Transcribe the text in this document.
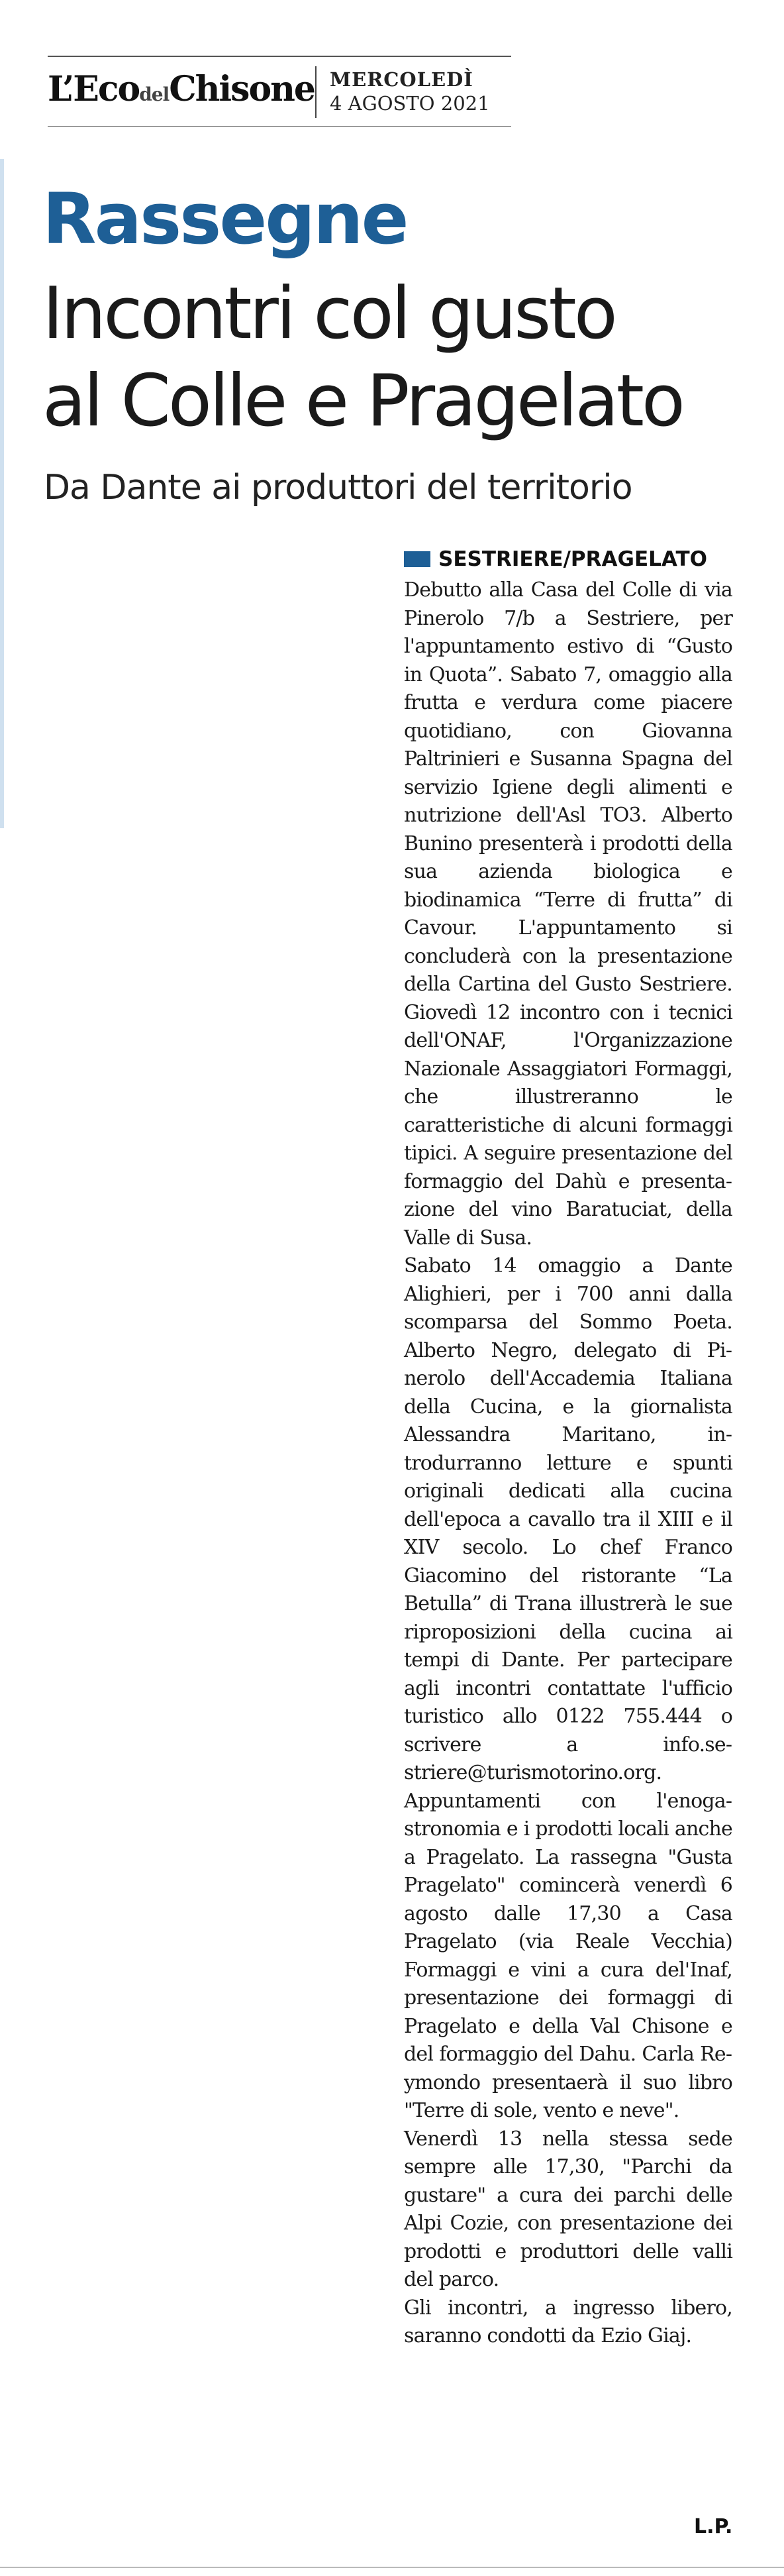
L’EcodelChisone MERCOLEDÌ
4 AGOSTO 2021
Rassegne
Incontri col gusto
al Colle e Pragelato
Da Dante ai produttori del territorio
SESTRIERE/PRAGELATO

Debutto alla Casa del Colle di via Pinerolo 7/b a Sestriere, per l'appuntamento estivo di “Gusto in Quota”. Sabato 7, omaggio alla frutta e verdura come piacere quotidiano, con Giovanna Paltrinieri e Susanna Spagna del servizio Igiene degli alimenti e nutrizione dell'Asl TO3. Alberto Bunino presenterà i prodotti della sua azienda biologica e biodinamica “Terre di frutta” di Cavour. L'appuntamento si concluderà con la presentazione della Cartina del Gusto Sestriere. Giovedì 12 incontro con i tecnici dell'ONAF, l'Organizzazione Nazionale Assaggiatori Formaggi, che illustreranno le caratteristiche di alcuni formaggi tipici. A seguire presentazione del formaggio del Dahù e presentazione del vino Baratuciat, della Valle di Susa.

Sabato 14 omaggio a Dante Alighieri, per i 700 anni dalla scomparsa del Sommo Poeta. Alberto Negro, delegato di Pinerolo dell'Accademia Italiana della Cucina, e la giornalista Alessandra Maritano, introdurranno letture e spunti originali dedicati alla cucina dell'epoca a cavallo tra il XIII e il XIV secolo. Lo chef Franco Giacomino del ristorante “La Betulla” di Trana illustrerà le sue riproposizioni della cucina ai tempi di Dante. Per partecipare agli incontri contattate l'ufficio turistico allo 0122 755.444 o scrivere a info.sestriere@turismotorino.org.

Appuntamenti con l'enogastronomia e i prodotti locali anche a Pragelato. La rassegna "Gusta Pragelato" comincerà venerdì 6 agosto dalle 17,30 a Casa Pragelato (via Reale Vecchia) Formaggi e vini a cura del'Inaf, presentazione dei formaggi di Pragelato e della Val Chisone e del formaggio del Dahu. Carla Reymondo presentaerà il suo libro "Terre di sole, vento e neve".

Venerdì 13 nella stessa sede sempre alle 17,30, "Parchi da gustare" a cura dei parchi delle Alpi Cozie, con presentazione dei prodotti e produttori delle valli del parco.

Gli incontri, a ingresso libero, saranno condotti da Ezio Giaj.

L.P.
